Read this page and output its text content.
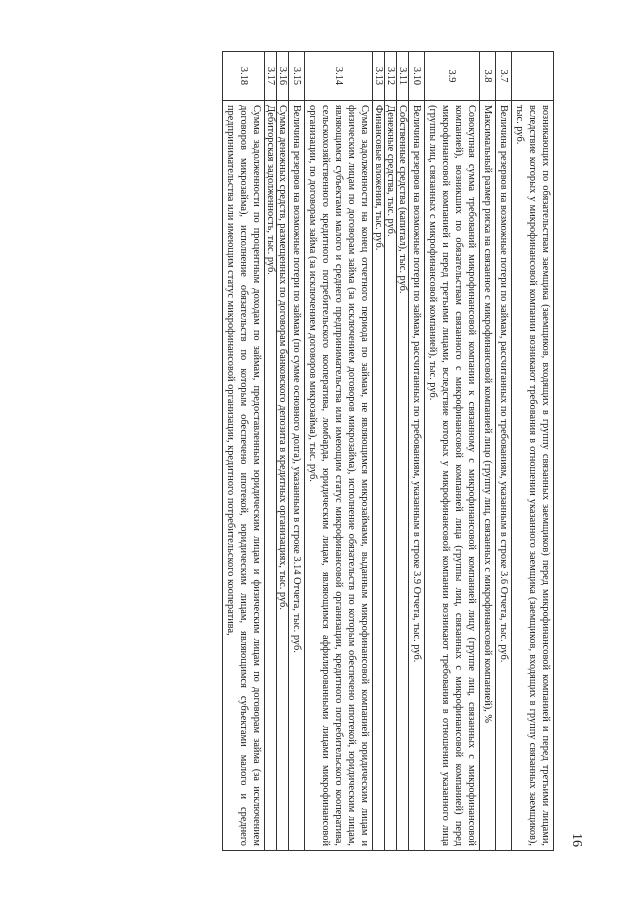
16
	возникающих по обязательствам заемщика (заемщиков, входящих в группу связанных заемщиков) перед микрофинансовой компанией и перед третьими лицами, вследствие которых у микрофинансовой компании возникают требования в отношении указанного заемщика (заемщиков, входящих в группу связанных заемщиков), тыс. руб.
3.7	Величина резервов на возможные потери по займам, рассчитанных по требованиям, указанным в строке 3.6 Отчета, тыс. руб.
3.8	Максимальный размер риска на связанное с микрофинансовой компанией лицо (группу лиц, связанных с микрофинансовой компанией), %
3.9	Совокупная сумма требований микрофинансовой компании к связанному с микрофинансовой компанией лицу (группе лиц, связанных с микрофинансовой компанией), возникших по обязательствам связанного с микрофинансовой компанией лица (группы лиц, связанных с микрофинансовой компанией) перед микрофинансовой компанией и перед третьими лицами, вследствие которых у микрофинансовой компании возникают требования в отношении указанного лица (группы лиц, связанных с микрофинансовой компанией), тыс. руб.
3.10	Величина резервов на возможные потери по займам, рассчитанных по требованиям, указанным в строке 3.9 Отчета, тыс. руб.
3.11	Собственные средства (капитал), тыс. руб.
3.12	Денежные средства, тыс. руб.
3.13	Финансовые вложения, тыс. руб.
3.14	Сумма задолженности на конец отчетного периода по займам, не являющимся микрозаймами, выданным микрофинансовой компанией юридическим лицам и физическим лицам по договорам займа (за исключением договоров микрозайма), исполнение обязательств по которым обеспечено ипотекой, юридическим лицам, являющимся субъектами малого и среднего предпринимательства или имеющим статус микрофинансовой организации, кредитного потребительского кооператива, сельскохозяйственного кредитного потребительского кооператива, ломбарда, юридическим лицам, являющимся аффилированными лицами микрофинансовой организации, по договорам займа (за исключением договоров микрозайма), тыс. руб.
3.15	Величина резервов на возможные потери по займам (по сумме основного долга), указанным в строке 3.14 Отчета, тыс. руб.
3.16	Сумма денежных средств, размещенных по договорам банковского депозита в кредитных организациях, тыс. руб.
3.17	Дебиторская задолженность, тыс. руб.
3.18	Сумма задолженности по процентным доходам по займам, предоставленным юридическим лицам и физическим лицам по договорам займа (за исключением договоров микрозайма), исполнение обязательств по которым обеспечено ипотекой, юридическим лицам, являющимся субъектами малого и среднего предпринимательства или имеющим статус микрофинансовой организации, кредитного потребительского кооператива,
